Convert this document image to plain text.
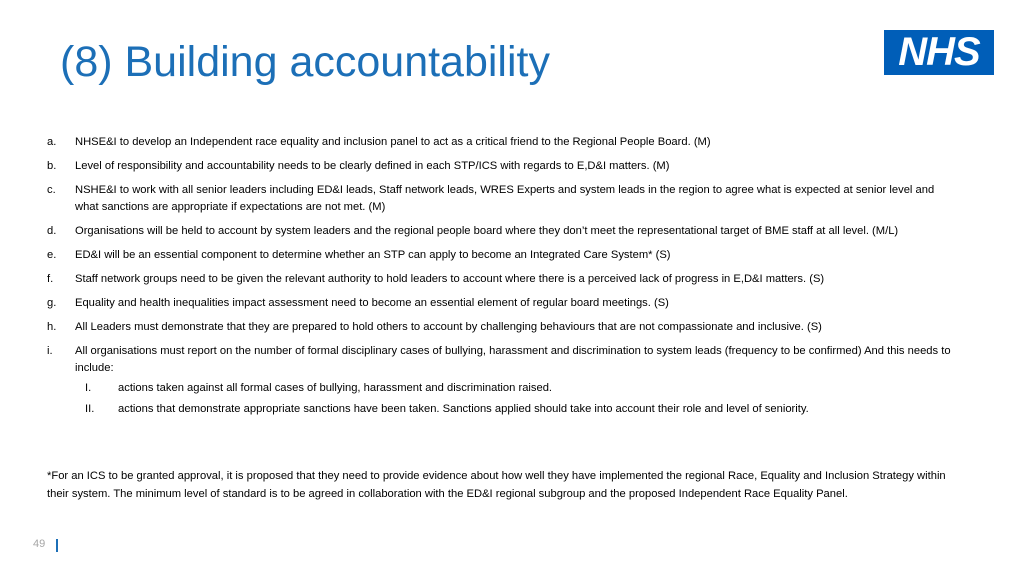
(8) Building accountability	NHS
a. NHSE&I to develop an Independent race equality and inclusion panel to act as a critical friend to the Regional People Board. (M)
b. Level of responsibility and accountability needs to be clearly defined in each STP/ICS with regards to E,D&I matters. (M)
c. NSHE&I to work with all senior leaders including ED&I leads, Staff network leads, WRES Experts and system leads in the region to agree what is expected at senior level and what sanctions are appropriate if expectations are not met. (M)
d. Organisations will be held to account by system leaders and the regional people board where they don’t meet the representational target of BME staff at all level. (M/L)
e. ED&I will be an essential component to determine whether an STP can apply to become an Integrated Care System* (S)
f. Staff network groups need to be given the relevant authority to hold leaders to account where there is a perceived lack of progress in E,D&I matters. (S)
g. Equality and health inequalities impact assessment need to become an essential element of regular board meetings. (S)
h. All Leaders must demonstrate that they are prepared to hold others to account by challenging behaviours that are not compassionate and inclusive. (S)
i. All organisations must report on the number of formal disciplinary cases of bullying, harassment and discrimination to system leads (frequency to be confirmed) And this needs to include:
I. actions taken against all formal cases of bullying, harassment and discrimination raised.
II. actions that demonstrate appropriate sanctions have been taken. Sanctions applied should take into account their role and level of seniority.

*For an ICS to be granted approval, it is proposed that they need to provide evidence about how well they have implemented the regional Race, Equality and Inclusion Strategy within their system. The minimum level of standard is to be agreed in collaboration with the ED&I regional subgroup and the proposed Independent Race Equality Panel.

49
